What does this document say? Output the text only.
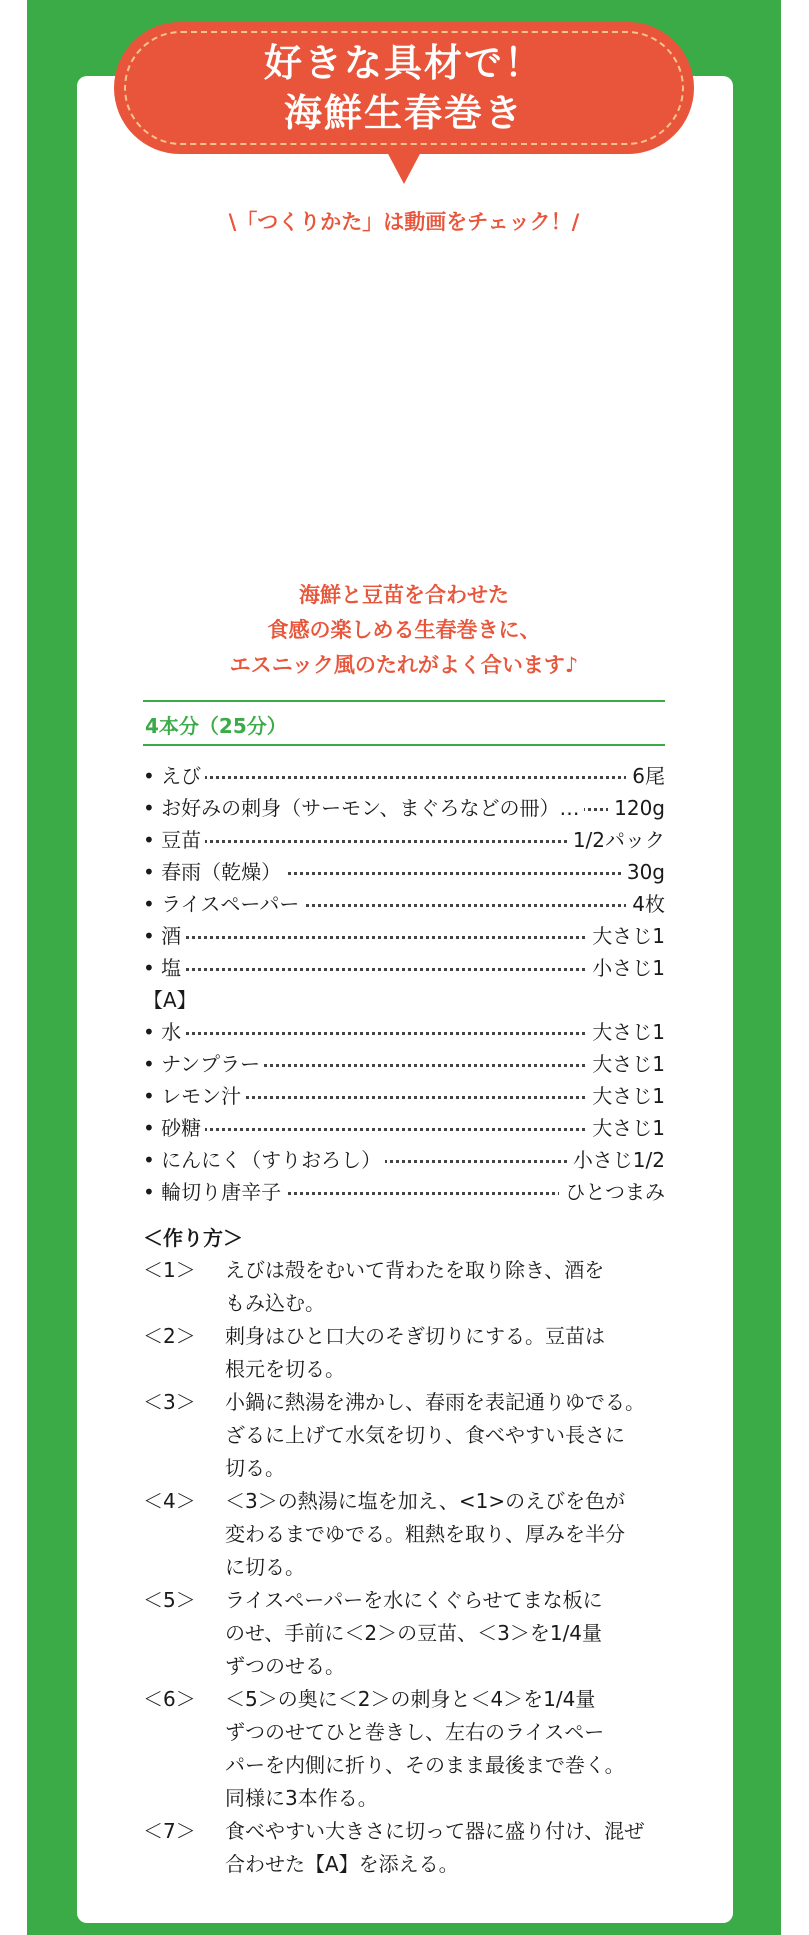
好きな具材で！
海鮮生春巻き
\「つくりかた」は動画をチェック！/
海鮮と豆苗を合わせた
食感の楽しめる生春巻きに、
エスニック風のたれがよく合います♪
4本分（25分）
• えび	6尾
• お好みの刺身（サーモン、まぐろなどの冊）…	120g
• 豆苗	1/2パック
• 春雨（乾燥）	30g
• ライスペーパー	4枚
• 酒	大さじ1
• 塩	小さじ1
【A】
• 水	大さじ1
• ナンプラー	大さじ1
• レモン汁	大さじ1
• 砂糖	大さじ1
• にんにく（すりおろし）	小さじ1/2
• 輪切り唐辛子	ひとつまみ
＜作り方＞
＜1＞	えびは殻をむいて背わたを取り除き、酒を
もみ込む。
＜2＞	刺身はひと口大のそぎ切りにする。豆苗は
根元を切る。
＜3＞	小鍋に熱湯を沸かし、春雨を表記通りゆでる。
ざるに上げて水気を切り、食べやすい長さに
切る。
＜4＞	＜3＞の熱湯に塩を加え、<1>のえびを色が
変わるまでゆでる。粗熱を取り、厚みを半分
に切る。
＜5＞	ライスペーパーを水にくぐらせてまな板に
のせ、手前に＜2＞の豆苗、＜3＞を1/4量
ずつのせる。
＜6＞	＜5＞の奥に＜2＞の刺身と＜4＞を1/4量
ずつのせてひと巻きし、左右のライスペー
パーを内側に折り、そのまま最後まで巻く。
同様に3本作る。
＜7＞	食べやすい大きさに切って器に盛り付け、混ぜ
合わせた【A】を添える。
